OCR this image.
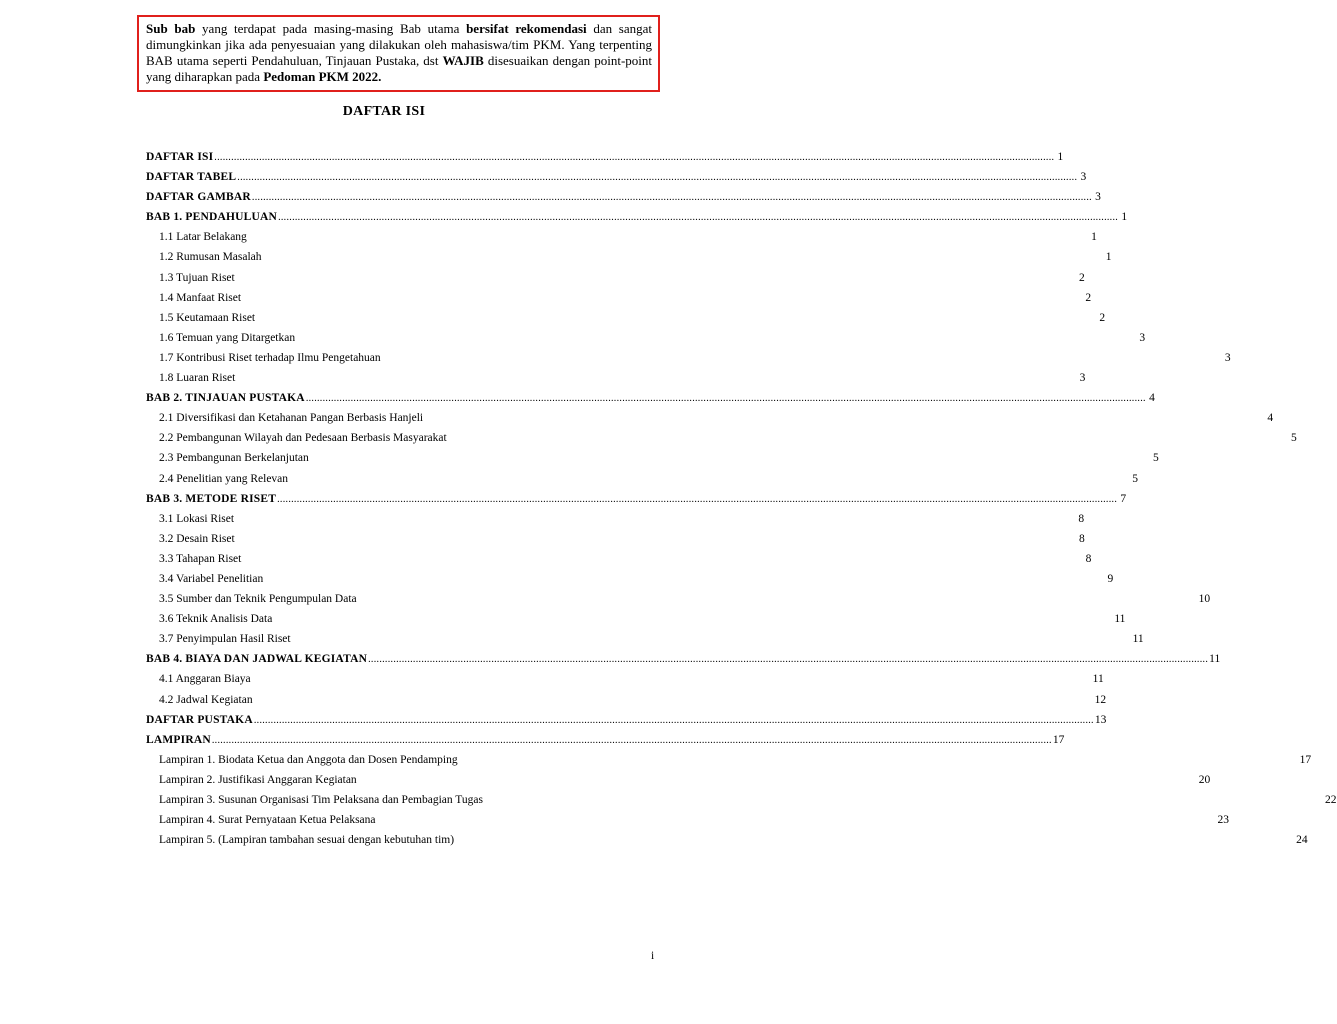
Sub bab yang terdapat pada masing-masing Bab utama bersifat rekomendasi dan sangat dimungkinkan jika ada penyesuaian yang dilakukan oleh mahasiswa/tim PKM. Yang terpenting BAB utama seperti Pendahuluan, Tinjauan Pustaka, dst WAJIB disesuaikan dengan point-point yang diharapkan pada Pedoman PKM 2022.
DAFTAR ISI
DAFTAR ISI ............................................................................................................................................................................................................................................................................................................ 1
DAFTAR TABEL ............................................................................................................................................................................................................................................................................................................ 3
DAFTAR GAMBAR ............................................................................................................................................................................................................................................................................................................ 3
BAB 1. PENDAHULUAN ............................................................................................................................................................................................................................................................................................................ 1
1.1 Latar Belakang	1
1.2 Rumusan Masalah	1
1.3 Tujuan Riset	2
1.4 Manfaat Riset	2
1.5 Keutamaan Riset	2
1.6 Temuan yang Ditargetkan	3
1.7 Kontribusi Riset terhadap Ilmu Pengetahuan	3
1.8 Luaran Riset	3
BAB 2. TINJAUAN PUSTAKA ............................................................................................................................................................................................................................................................................................................ 4
2.1 Diversifikasi dan Ketahanan Pangan Berbasis Hanjeli	4
2.2 Pembangunan Wilayah dan Pedesaan Berbasis Masyarakat	5
2.3 Pembangunan Berkelanjutan	5
2.4 Penelitian yang Relevan	5
BAB 3. METODE RISET ............................................................................................................................................................................................................................................................................................................ 7
3.1 Lokasi Riset	8
3.2 Desain Riset	8
3.3 Tahapan Riset	8
3.4 Variabel Penelitian	9
3.5 Sumber dan Teknik Pengumpulan Data	10
3.6 Teknik Analisis Data	11
3.7 Penyimpulan Hasil Riset	11
BAB 4. BIAYA DAN JADWAL KEGIATAN ............................................................................................................................................................................................................................................................................................................ 11
4.1 Anggaran Biaya	11
4.2 Jadwal Kegiatan	12
DAFTAR PUSTAKA ............................................................................................................................................................................................................................................................................................................ 13
LAMPIRAN ............................................................................................................................................................................................................................................................................................................ 17
Lampiran 1. Biodata Ketua dan Anggota dan Dosen Pendamping	17
Lampiran 2. Justifikasi Anggaran Kegiatan	20
Lampiran 3. Susunan Organisasi Tim Pelaksana dan Pembagian Tugas	22
Lampiran 4. Surat Pernyataan Ketua Pelaksana	23
Lampiran 5. (Lampiran tambahan sesuai dengan kebutuhan tim)	24
i
